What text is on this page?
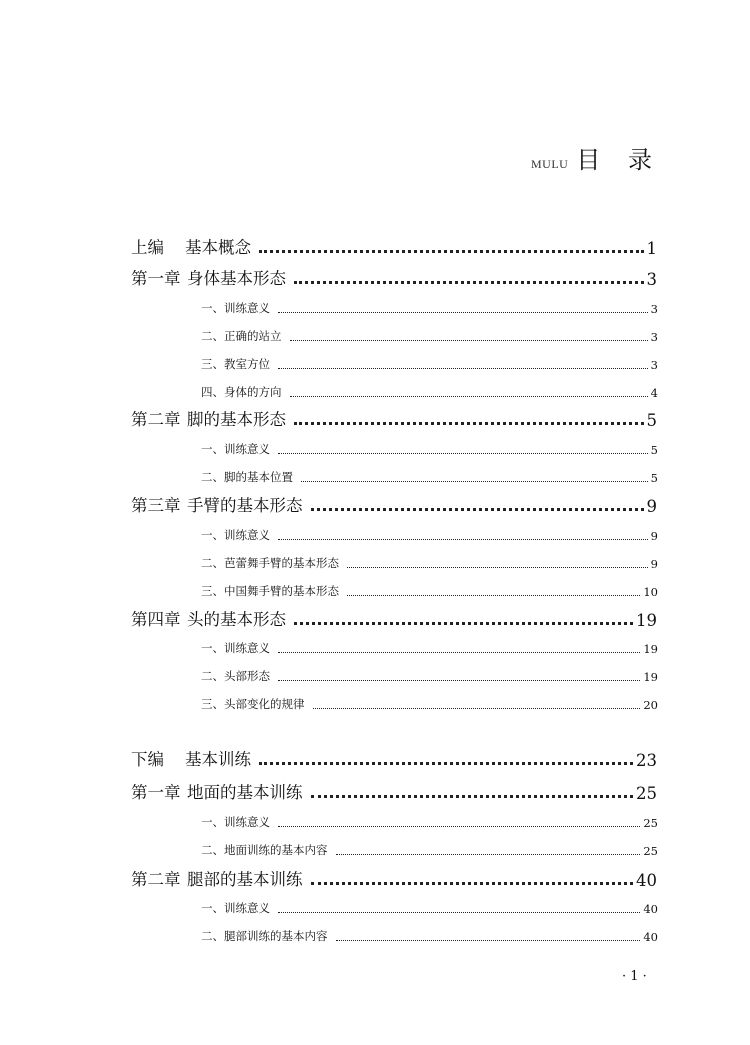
MULU 目 录
上编	基本概念	1
第一章 身体基本形态	3
一、训练意义	3
二、正确的站立	3
三、教室方位	3
四、身体的方向	4
第二章 脚的基本形态	5
一、训练意义	5
二、脚的基本位置	5
第三章 手臂的基本形态	9
一、训练意义	9
二、芭蕾舞手臂的基本形态	9
三、中国舞手臂的基本形态	10
第四章 头的基本形态	19
一、训练意义	19
二、头部形态	19
三、头部变化的规律	20
下编	基本训练	23
第一章 地面的基本训练	25
一、训练意义	25
二、地面训练的基本内容	25
第二章 腿部的基本训练	40
一、训练意义	40
二、腿部训练的基本内容	40
· 1 ·
